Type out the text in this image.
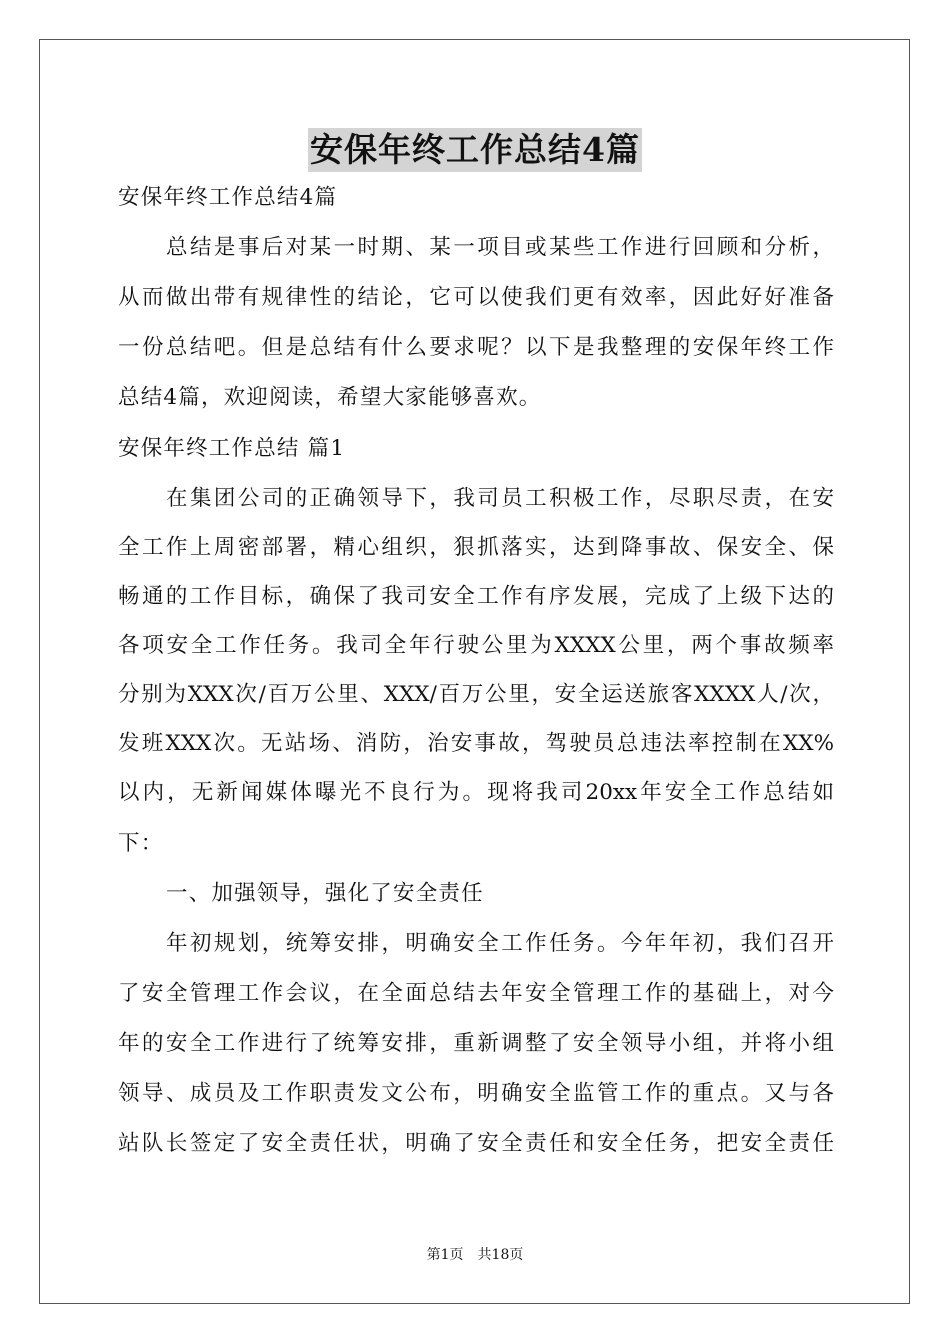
安保年终工作总结4篇
安保年终工作总结4篇
总结是事后对某一时期、某一项目或某些工作进行回顾和分析，
从而做出带有规律性的结论，它可以使我们更有效率，因此好好准备
一份总结吧。但是总结有什么要求呢？以下是我整理的安保年终工作
总结4篇，欢迎阅读，希望大家能够喜欢。
安保年终工作总结 篇1
在集团公司的正确领导下，我司员工积极工作，尽职尽责，在安
全工作上周密部署，精心组织，狠抓落实，达到降事故、保安全、保
畅通的工作目标，确保了我司安全工作有序发展，完成了上级下达的
各项安全工作任务。我司全年行驶公里为XXXX公里，两个事故频率
分别为XXX次/百万公里、XXX/百万公里，安全运送旅客XXXX人/次，
发班XXX次。无站场、消防，治安事故，驾驶员总违法率控制在XX%
以内，无新闻媒体曝光不良行为。现将我司20xx年安全工作总结如
下：
一、加强领导，强化了安全责任
年初规划，统筹安排，明确安全工作任务。今年年初，我们召开
了安全管理工作会议，在全面总结去年安全管理工作的基础上，对今
年的安全工作进行了统筹安排，重新调整了安全领导小组，并将小组
领导、成员及工作职责发文公布，明确安全监管工作的重点。又与各
站队长签定了安全责任状，明确了安全责任和安全任务，把安全责任
第1页　共18页
